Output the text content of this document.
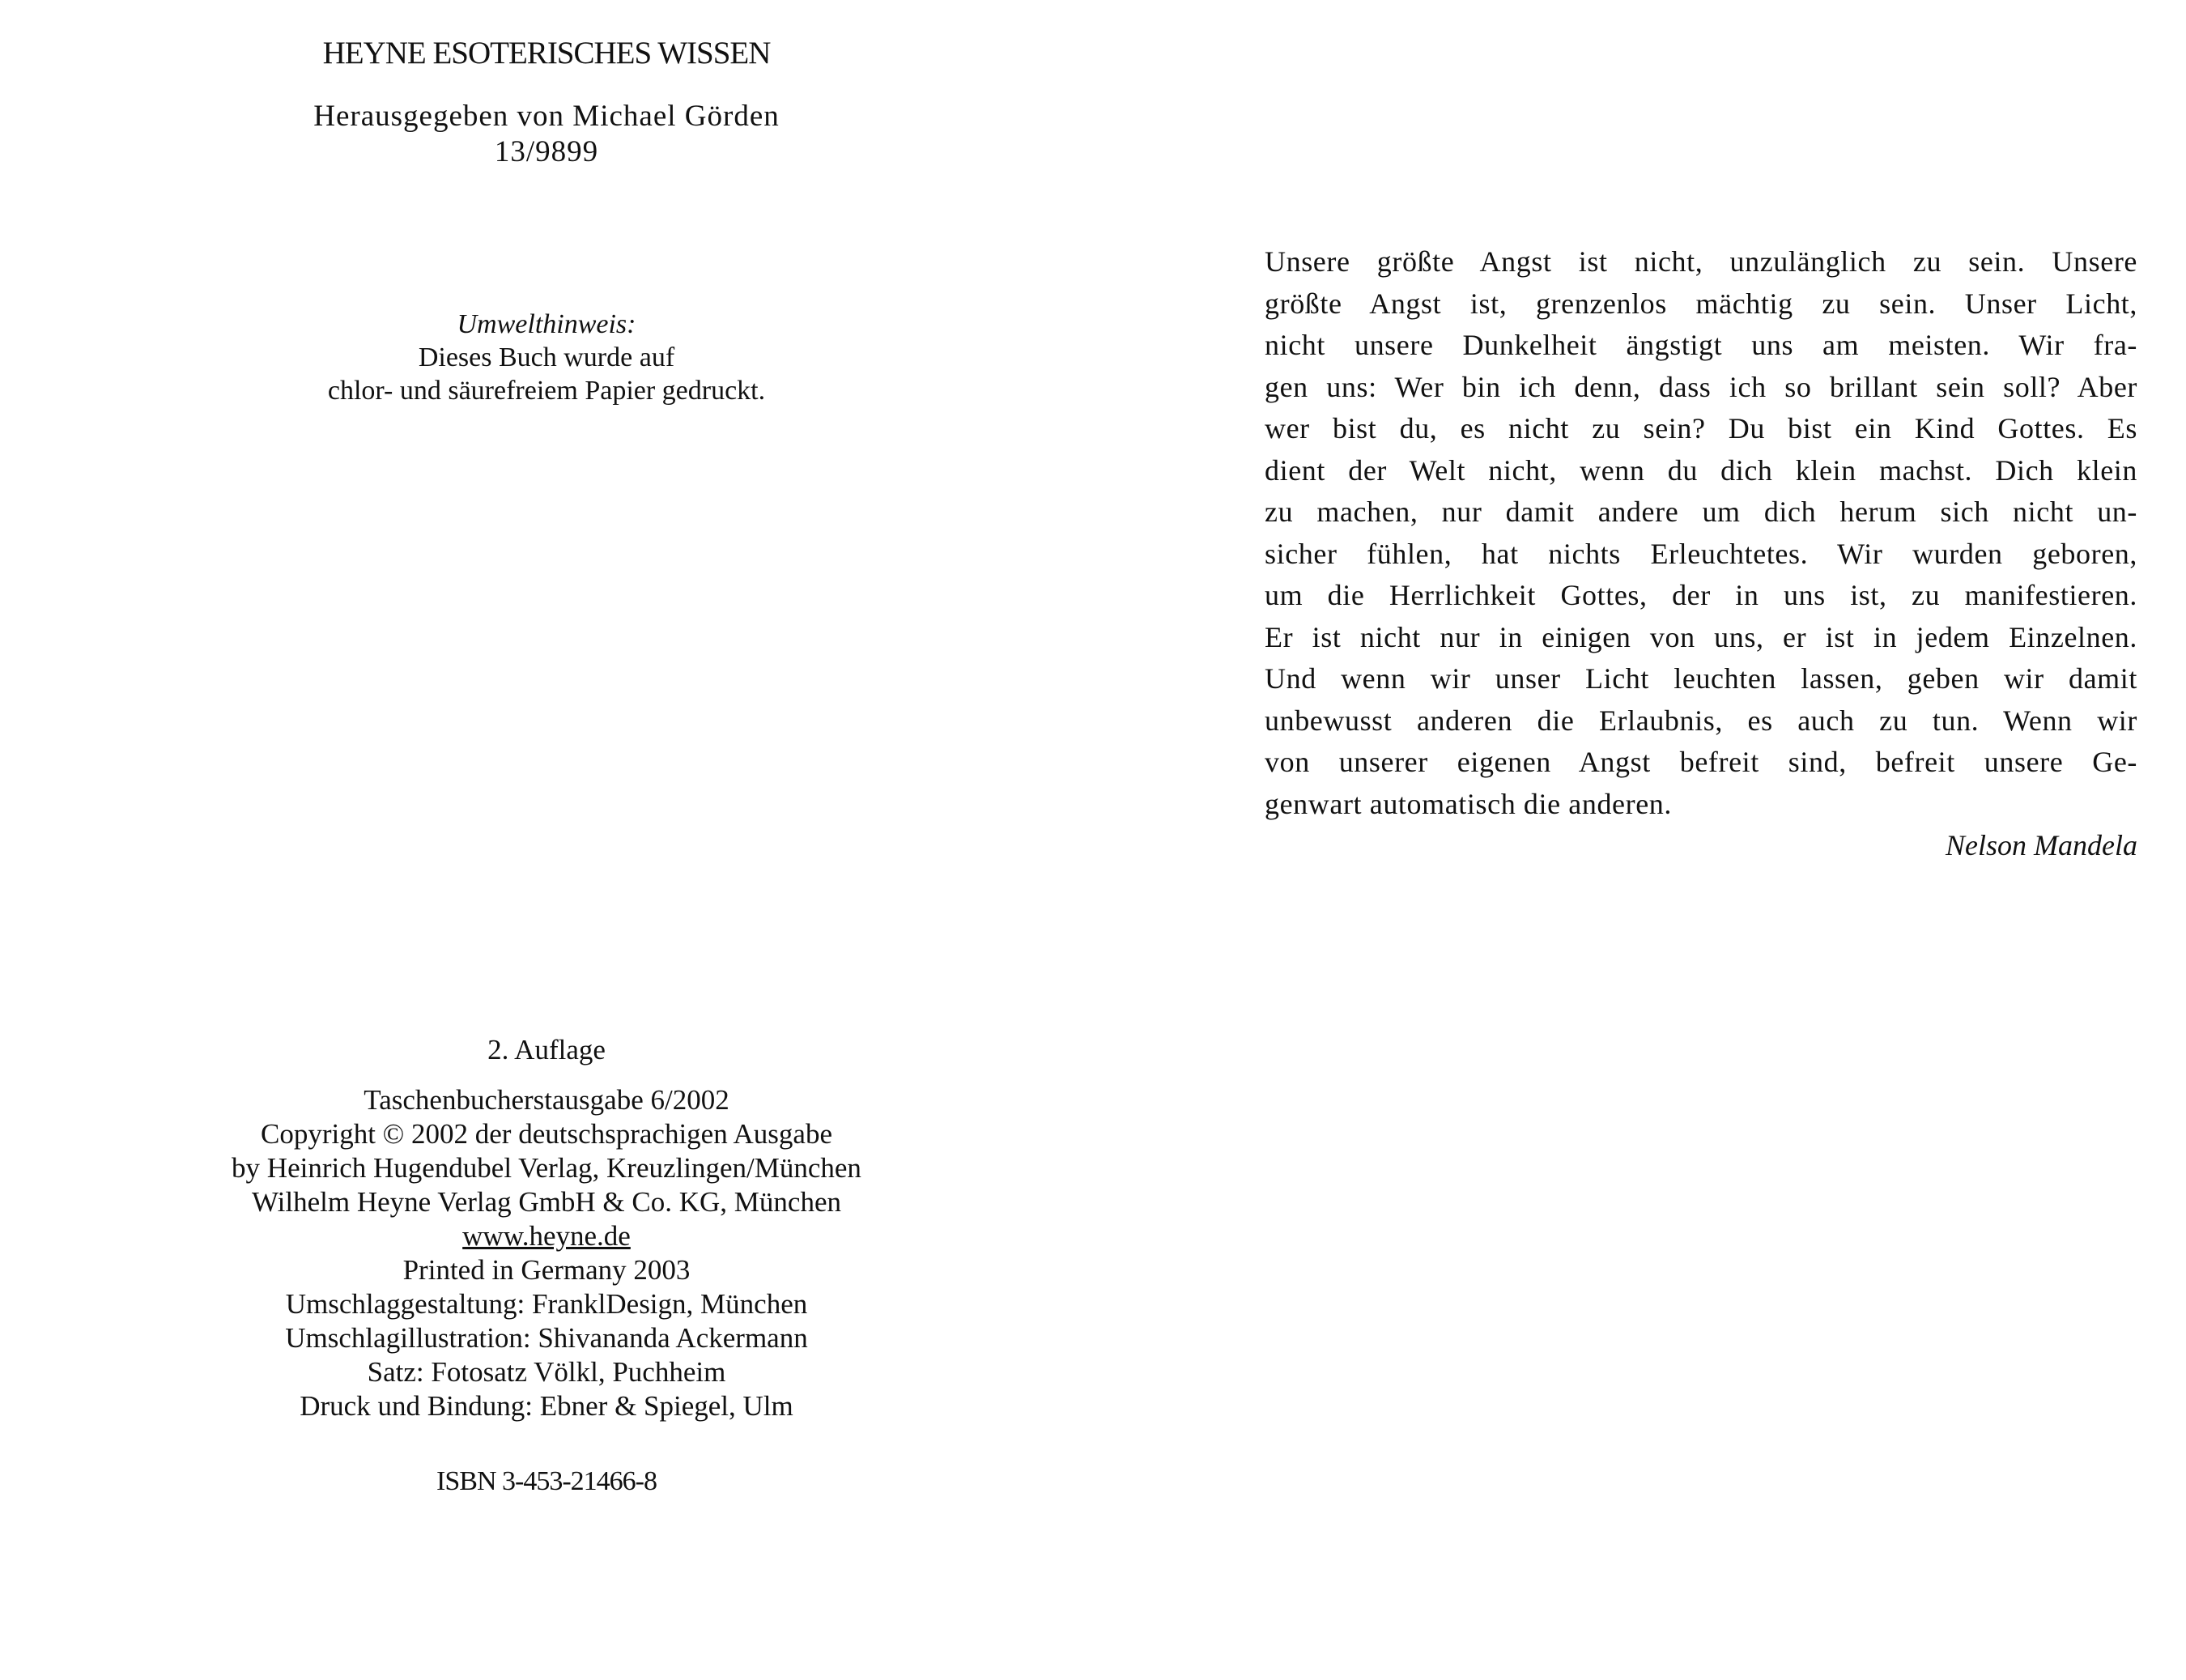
HEYNE ESOTERISCHES WISSEN
Herausgegeben von Michael Görden
13/9899
Umwelthinweis:
Dieses Buch wurde auf
chlor- und säurefreiem Papier gedruckt.
2. Auflage
Taschenbucherstausgabe 6/2002
Copyright © 2002 der deutschsprachigen Ausgabe
by Heinrich Hugendubel Verlag, Kreuzlingen/München
Wilhelm Heyne Verlag GmbH & Co. KG, München
www.heyne.de
Printed in Germany 2003
Umschlaggestaltung: FranklDesign, München
Umschlagillustration: Shivananda Ackermann
Satz: Fotosatz Völkl, Puchheim
Druck und Bindung: Ebner & Spiegel, Ulm
ISBN 3-453-21466-8
Unsere größte Angst ist nicht, unzulänglich zu sein. Unsere
größte Angst ist, grenzenlos mächtig zu sein. Unser Licht,
nicht unsere Dunkelheit ängstigt uns am meisten. Wir fra-
gen uns: Wer bin ich denn, dass ich so brillant sein soll? Aber
wer bist du, es nicht zu sein? Du bist ein Kind Gottes. Es
dient der Welt nicht, wenn du dich klein machst. Dich klein
zu machen, nur damit andere um dich herum sich nicht un-
sicher fühlen, hat nichts Erleuchtetes. Wir wurden geboren,
um die Herrlichkeit Gottes, der in uns ist, zu manifestieren.
Er ist nicht nur in einigen von uns, er ist in jedem Einzelnen.
Und wenn wir unser Licht leuchten lassen, geben wir damit
unbewusst anderen die Erlaubnis, es auch zu tun. Wenn wir
von unserer eigenen Angst befreit sind, befreit unsere Ge-
genwart automatisch die anderen.
Nelson Mandela
